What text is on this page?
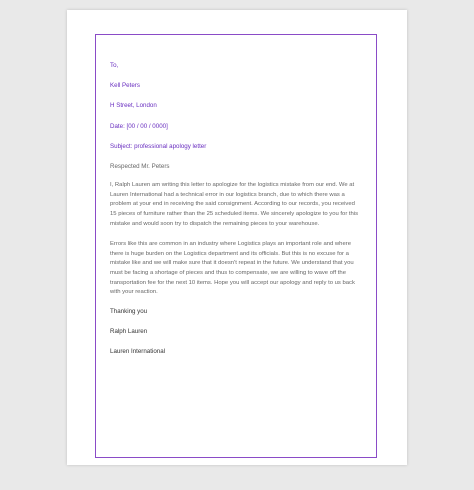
To,
Kell Peters
H Street, London
Date: [00 / 00 / 0000]
Subject: professional apology letter
Respected Mr. Peters
I, Ralph Lauren am writing this letter to apologize for the logistics mistake from our end. We at Lauren International had a technical error in our logistics branch, due to which there was a problem at your end in receiving the said consignment. According to our records, you received 15 pieces of furniture rather than the 25 scheduled items. We sincerely apologize to you for this mistake and would soon try to dispatch the remaining pieces to your warehouse.
Errors like this are common in an industry where Logistics plays an important role and where there is huge burden on the Logistics department and its officials. But this is no excuse for a mistake like and we will make sure that it doesn't repeat in the future. We understand that you must be facing a shortage of pieces and thus to compensate, we are willing to wave off the transportation fee for the next 10 items. Hope you will accept our apology and reply to us back with your reaction.
Thanking you
Ralph Lauren
Lauren International
